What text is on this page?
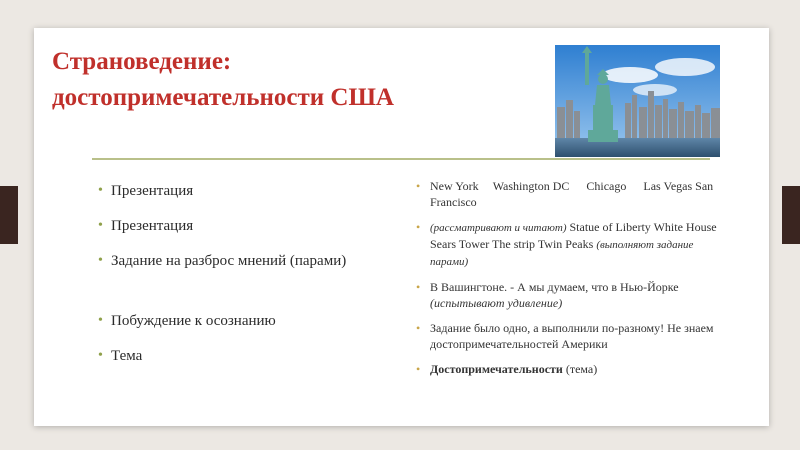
Страноведение:
достопримечательности США
• Презентация
• Презентация
• Задание на разброс мнений (парами)
• Побуждение к осознанию
• Тема
• New York Washington DC Chicago Las Vegas San Francisco
• (рассматривают и читают) Statue of Liberty White House Sears Tower The strip Twin Peaks (выполняют задание парами)
• В Вашингтоне. - А мы думаем, что в Нью-Йорке (испытывают удивление)
• Задание было одно, а выполнили по-разному! Не знаем достопримечательностей Америки
• Достопримечательности (тема)
